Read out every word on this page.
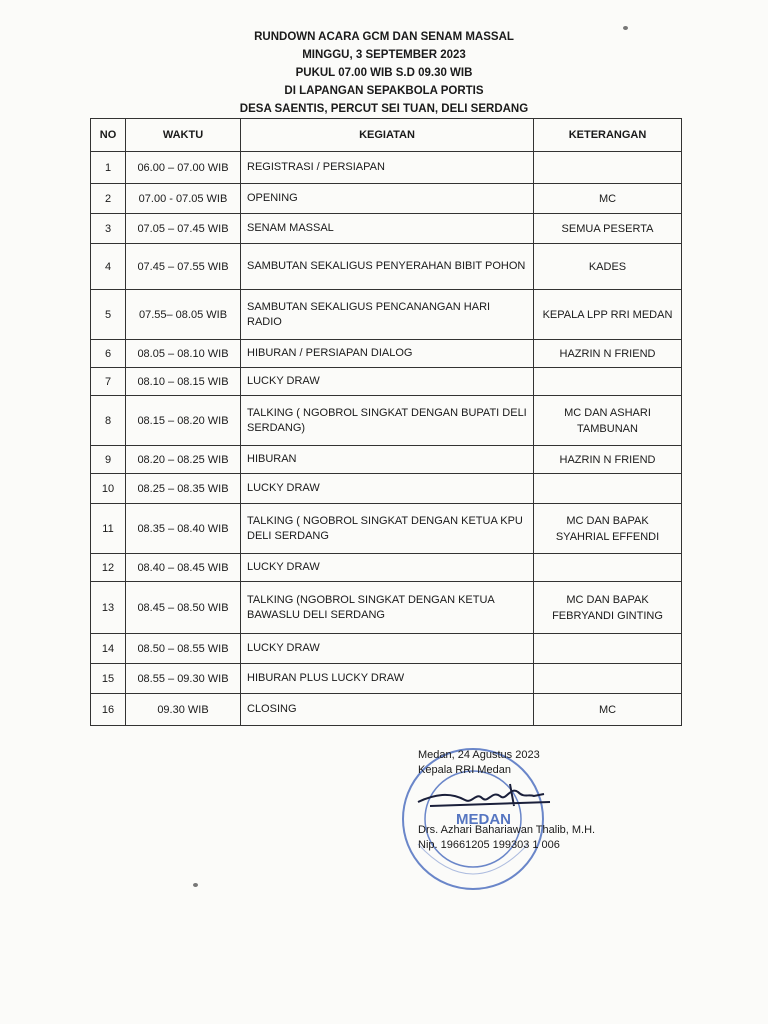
RUNDOWN ACARA GCM DAN SENAM MASSAL
MINGGU, 3 SEPTEMBER 2023
PUKUL 07.00 WIB S.D 09.30 WIB
DI LAPANGAN SEPAKBOLA PORTIS
DESA SAENTIS, PERCUT SEI TUAN, DELI SERDANG
NO	WAKTU	KEGIATAN	KETERANGAN
1	06.00 – 07.00 WIB	REGISTRASI / PERSIAPAN	
2	07.00 - 07.05 WIB	OPENING	MC
3	07.05 – 07.45 WIB	SENAM MASSAL	SEMUA PESERTA
4	07.45 – 07.55 WIB	SAMBUTAN SEKALIGUS PENYERAHAN BIBIT POHON	KADES
5	07.55– 08.05 WIB	SAMBUTAN SEKALIGUS PENCANANGAN HARI RADIO	KEPALA LPP RRI MEDAN
6	08.05 – 08.10 WIB	HIBURAN / PERSIAPAN DIALOG	HAZRIN N FRIEND
7	08.10 – 08.15 WIB	LUCKY DRAW	
8	08.15 – 08.20 WIB	TALKING ( NGOBROL SINGKAT DENGAN BUPATI DELI SERDANG)	MC DAN ASHARI TAMBUNAN
9	08.20 – 08.25 WIB	HIBURAN	HAZRIN N FRIEND
10	08.25 – 08.35 WIB	LUCKY DRAW	
11	08.35 – 08.40 WIB	TALKING ( NGOBROL SINGKAT DENGAN KETUA KPU DELI SERDANG	MC DAN BAPAK SYAHRIAL EFFENDI
12	08.40 – 08.45 WIB	LUCKY DRAW	
13	08.45 – 08.50 WIB	TALKING (NGOBROL SINGKAT DENGAN KETUA BAWASLU DELI SERDANG	MC DAN BAPAK FEBRYANDI GINTING
14	08.50 – 08.55 WIB	LUCKY DRAW	
15	08.55 – 09.30 WIB	HIBURAN PLUS LUCKY DRAW	
16	09.30 WIB	CLOSING	MC
MEDAN
Medan, 24 Agustus 2023
Kepala RRI Medan
Drs. Azhari Bahariawan Thalib, M.H.
Nip. 19661205 199303 1 006
